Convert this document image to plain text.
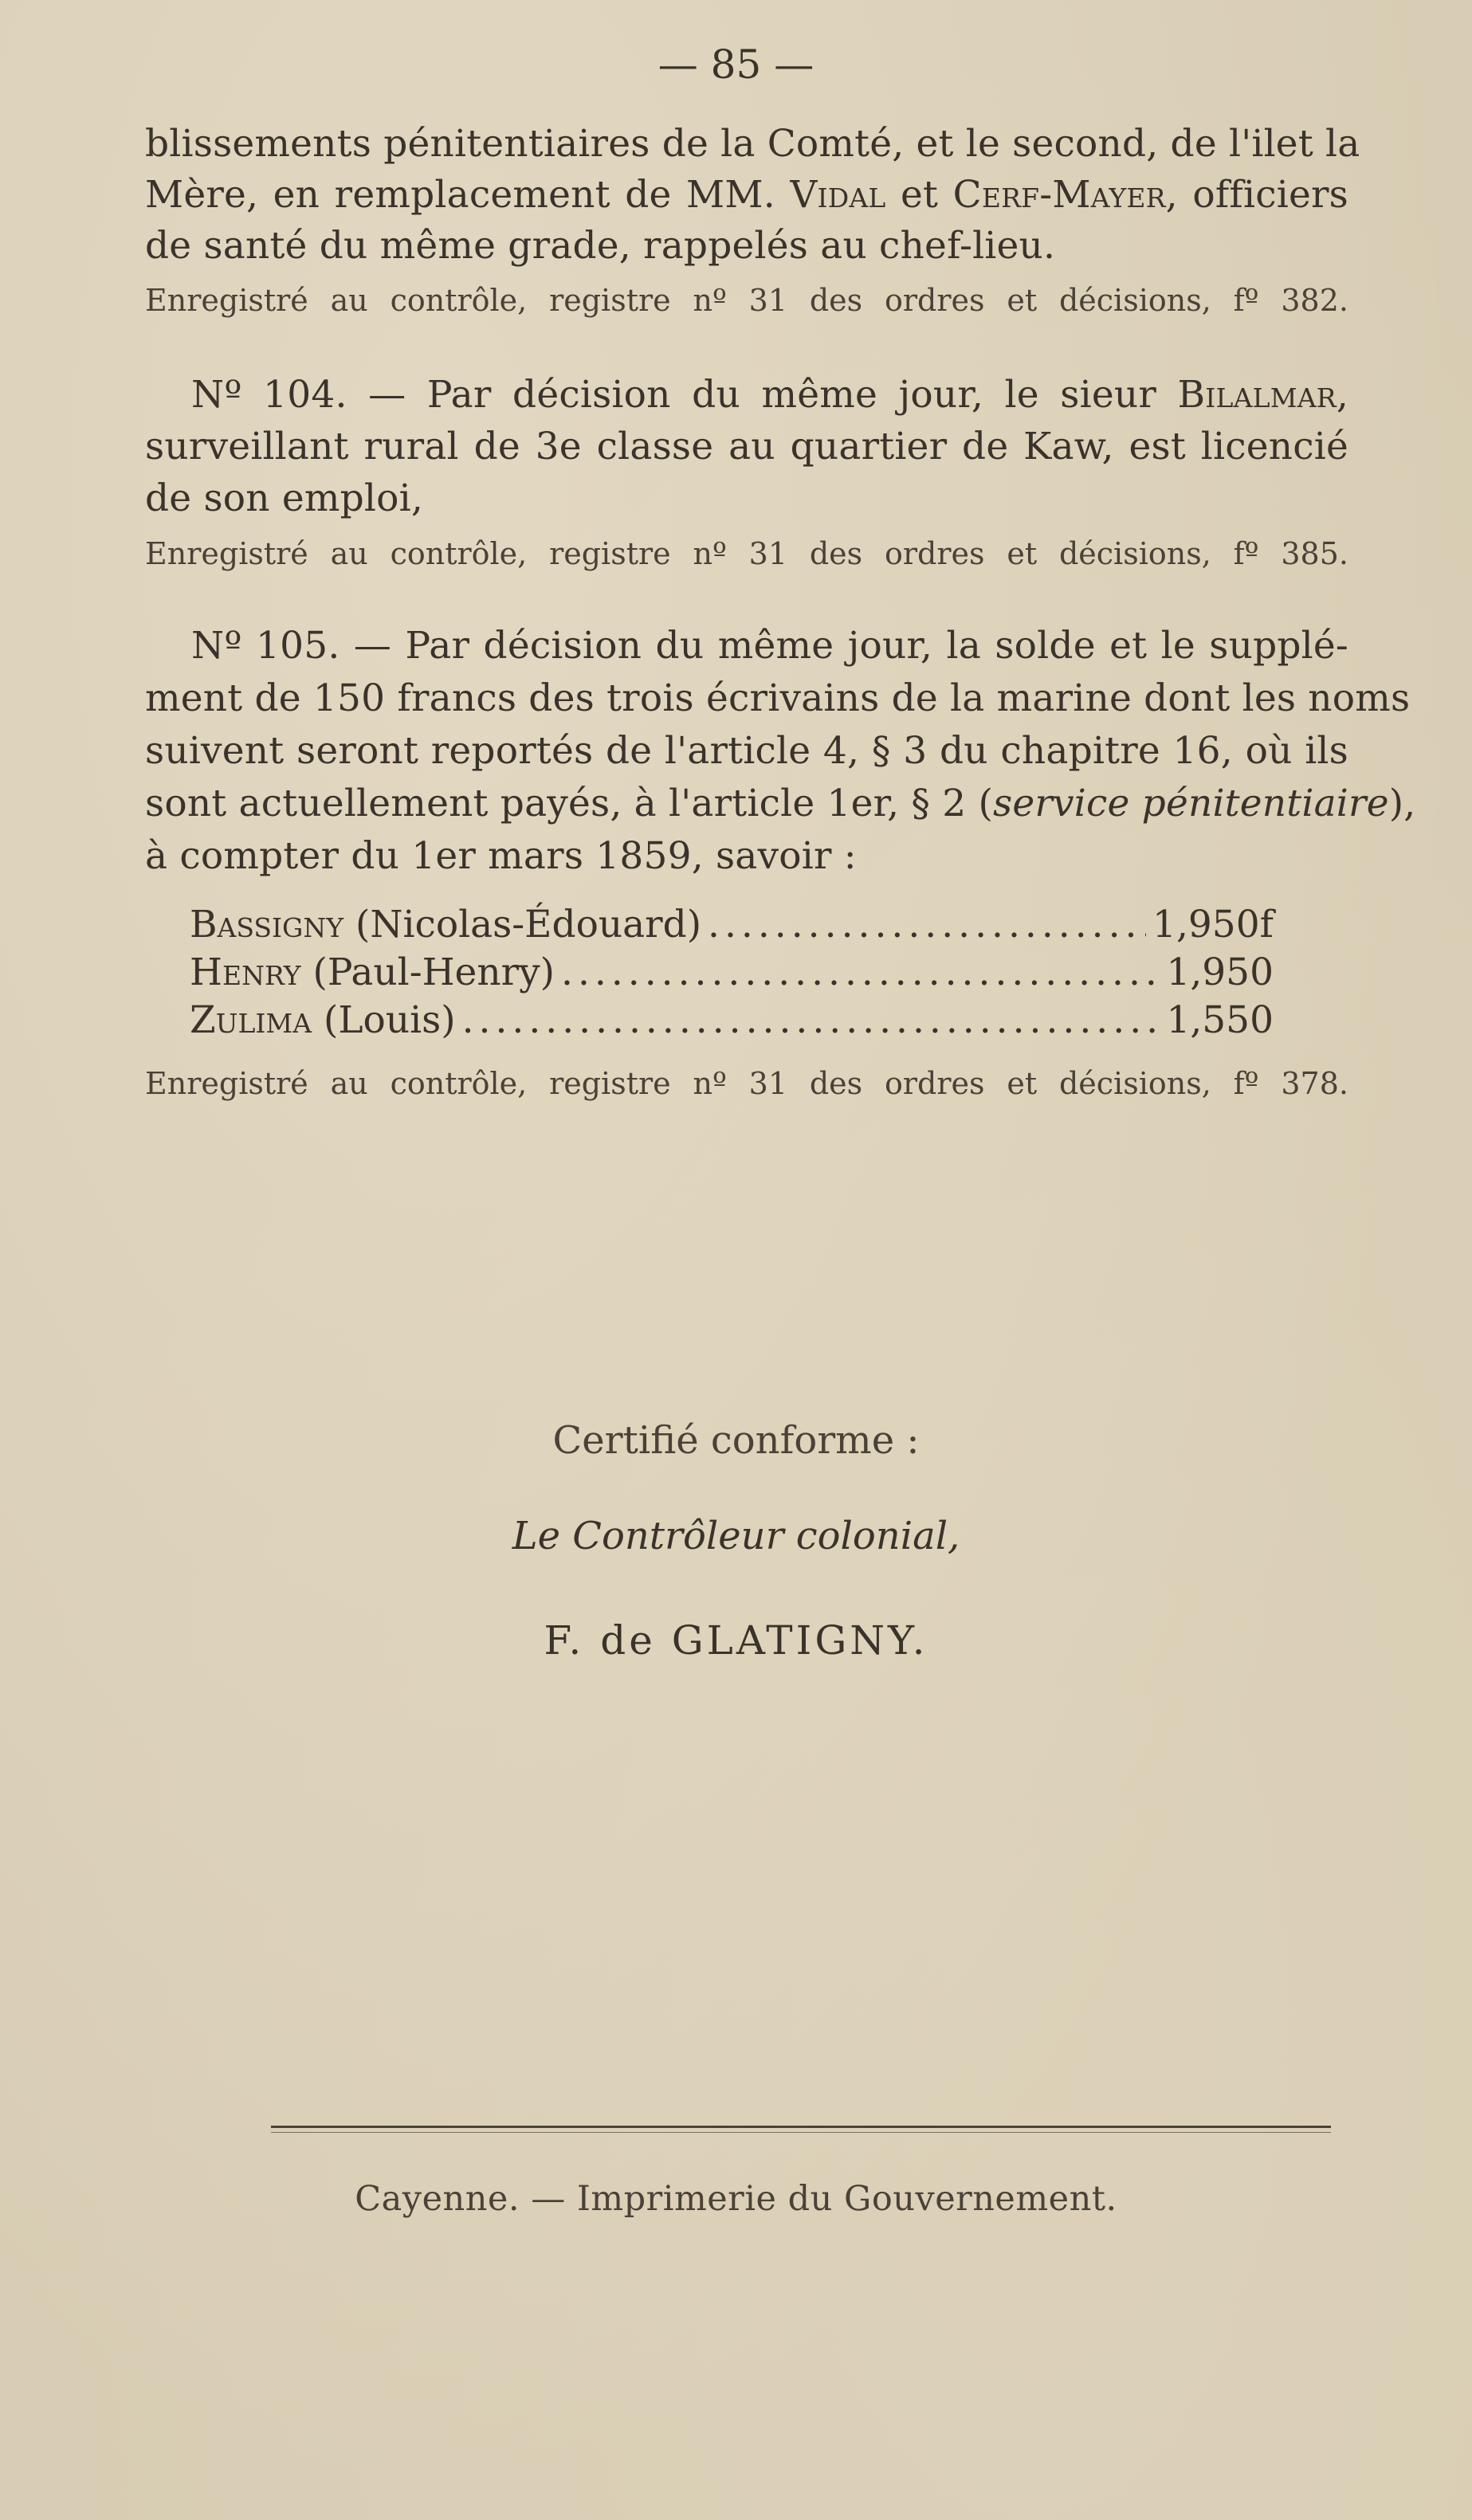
— 85 —
blissements pénitentiaires de la Comté, et le second, de l'ilet la
Mère, en remplacement de MM. Vidal et Cerf-Mayer, officiers
de santé du même grade, rappelés au chef-lieu.
Enregistré au contrôle, registre nº 31 des ordres et décisions, fº 382.
Nº 104. — Par décision du même jour, le sieur Bilalmar,
surveillant rural de 3e classe au quartier de Kaw, est licencié
de son emploi,
Enregistré au contrôle, registre nº 31 des ordres et décisions, fº 385.
Nº 105. — Par décision du même jour, la solde et le supplé-
ment de 150 francs des trois écrivains de la marine dont les noms
suivent seront reportés de l'article 4, § 3 du chapitre 16, où ils
sont actuellement payés, à l'article 1er, § 2 (service pénitentiaire),
à compter du 1er mars 1859, savoir :
Bassigny (Nicolas-Édouard) .....	1,950f
Henry (Paul-Henry) .....	1,950
Zulima (Louis) .....	1,550
Enregistré au contrôle, registre nº 31 des ordres et décisions, fº 378.
Certifié conforme :
Le Contrôleur colonial,
F. de GLATIGNY.
Cayenne. — Imprimerie du Gouvernement.
